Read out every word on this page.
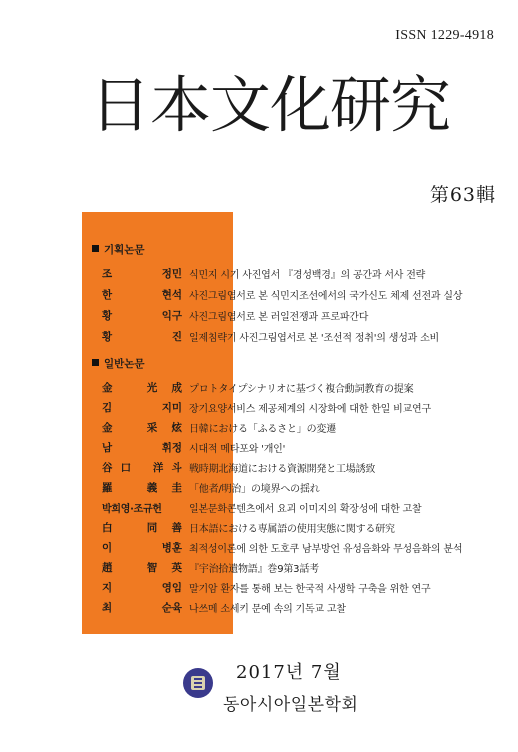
ISSN 1229-4918
日本文化研究
第63輯
기획논문
조 정민 식민지 시기 사진엽서 『경성백경』의 공간과 서사 전략
한 현석 사진그림엽서로 본 식민지조선에서의 국가신도 체제 선전과 실상
황 익구 사진그림엽서로 본 러일전쟁과 프로파간다
황 진 일제침략기 사진그림엽서로 본 '조선적 정취'의 생성과 소비
일반논문
金 光成 プロトタイプシナリオに基づく複合動詞教育の提案
김 지미 장기요양서비스 제공체계의 시장화에 대한 한일 비교연구
金 采炫 日韓における「ふるさと」の変遷
남 휘정 시대적 메타포와 '개인'
谷口 洋斗 戦時期北海道における資源開発と工場誘致
羅 義圭 「他者/明治」の境界への揺れ
박희영·조규헌	일본문화콘텐츠에서 요괴 이미지의 확장성에 대한 고찰
白 同善 日本語における専属語の使用実態に関する研究
이 병훈 최적성이론에 의한 도호쿠 남부방언 유성음화와 무성음화의 분석
趙 智英 『宇治拾遺物語』巻9第3話考
지 영임 말기암 환자를 통해 보는 한국적 사생학 구축을 위한 연구
최 순육 나쓰메 소세키 문예 속의 기독교 고찰
2017년 7월
동아시아일본학회
